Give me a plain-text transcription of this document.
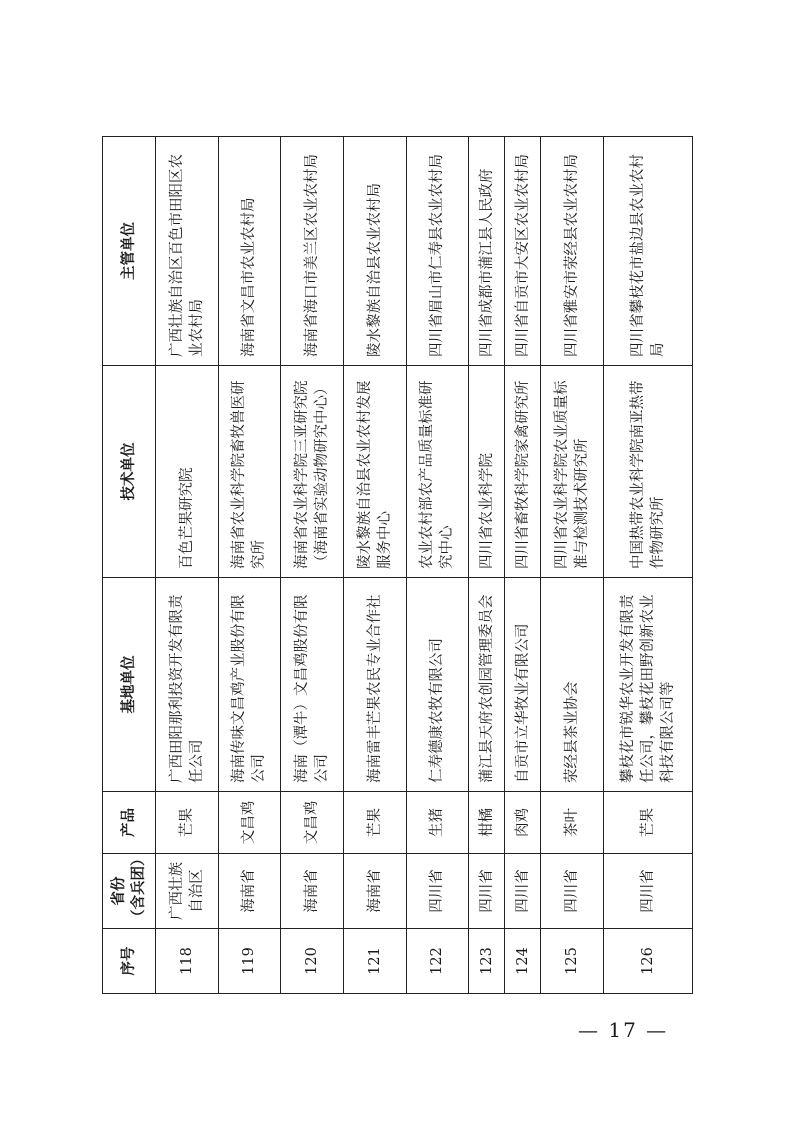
序号	省份 （含兵团）	产品	基地单位	技术单位	主管单位
118	广西壮族自治区	芒果	广西田阳那利投资开发有限责任公司	百色芒果研究院	广西壮族自治区百色市田阳区农业农村局
119	海南省	文昌鸡	海南传味文昌鸡产业股份有限公司	海南省农业科学院畜牧兽医研究所	海南省文昌市农业农村局
120	海南省	文昌鸡	海南（潭牛）文昌鸡股份有限公司	海南省农业科学院三亚研究院（海南省实验动物研究中心）	海南省海口市美兰区农业农村局
121	海南省	芒果	海南雷丰芒果农民专业合作社	陵水黎族自治县农业农村发展服务中心	陵水黎族自治县农业农村局
122	四川省	生猪	仁寿德康农牧有限公司	农业农村部农产品质量标准研究中心	四川省眉山市仁寿县农业农村局
123	四川省	柑橘	蒲江县天府农创园管理委员会	四川省农业科学院	四川省成都市蒲江县人民政府
124	四川省	肉鸡	自贡市立华牧业有限公司	四川省畜牧科学院家禽研究所	四川省自贡市大安区农业农村局
125	四川省	茶叶	荥经县茶业协会	四川省农业科学院农业质量标准与检测技术研究所	四川省雅安市荥经县农业农村局
126	四川省	芒果	攀枝花市锐华农业开发有限责任公司，攀枝花田野创新农业科技有限公司等	中国热带农业科学院南亚热带作物研究所	四川省攀枝花市盐边县农业农村局
— 17 —
